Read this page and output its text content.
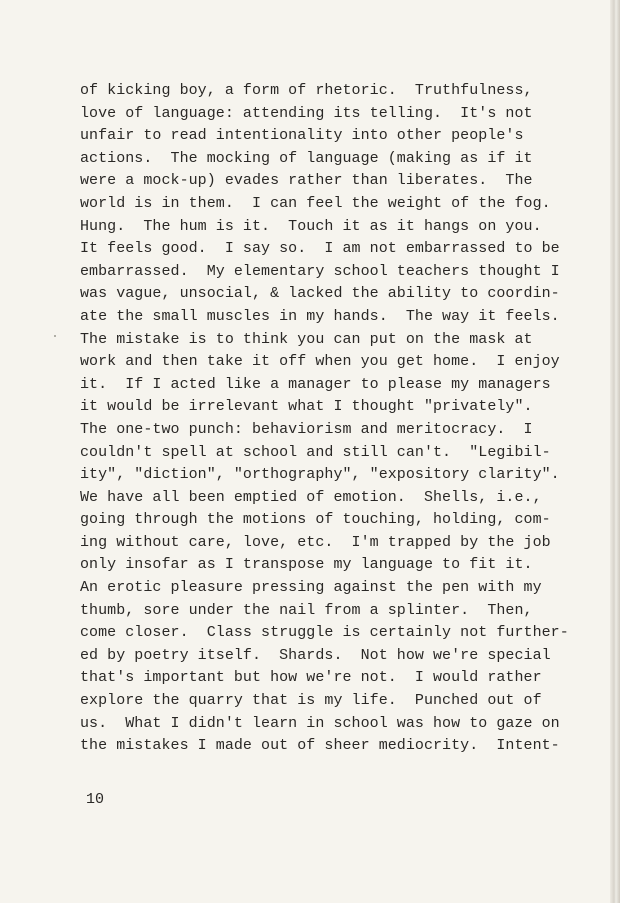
of kicking boy, a form of rhetoric.  Truthfulness,
love of language: attending its telling.  It's not
unfair to read intentionality into other people's
actions.  The mocking of language (making as if it
were a mock-up) evades rather than liberates.  The
world is in them.  I can feel the weight of the fog.
Hung.  The hum is it.  Touch it as it hangs on you.
It feels good.  I say so.  I am not embarrassed to be
embarrassed.  My elementary school teachers thought I
was vague, unsocial, & lacked the ability to coordin-
ate the small muscles in my hands.  The way it feels.
The mistake is to think you can put on the mask at
work and then take it off when you get home.  I enjoy
it.  If I acted like a manager to please my managers
it would be irrelevant what I thought "privately".
The one-two punch: behaviorism and meritocracy.  I
couldn't spell at school and still can't.  "Legibil-
ity", "diction", "orthography", "expository clarity".
We have all been emptied of emotion.  Shells, i.e.,
going through the motions of touching, holding, com-
ing without care, love, etc.  I'm trapped by the job
only insofar as I transpose my language to fit it.
An erotic pleasure pressing against the pen with my
thumb, sore under the nail from a splinter.  Then,
come closer.  Class struggle is certainly not further-
ed by poetry itself.  Shards.  Not how we're special
that's important but how we're not.  I would rather
explore the quarry that is my life.  Punched out of
us.  What I didn't learn in school was how to gaze on
the mistakes I made out of sheer mediocrity.  Intent-
10
